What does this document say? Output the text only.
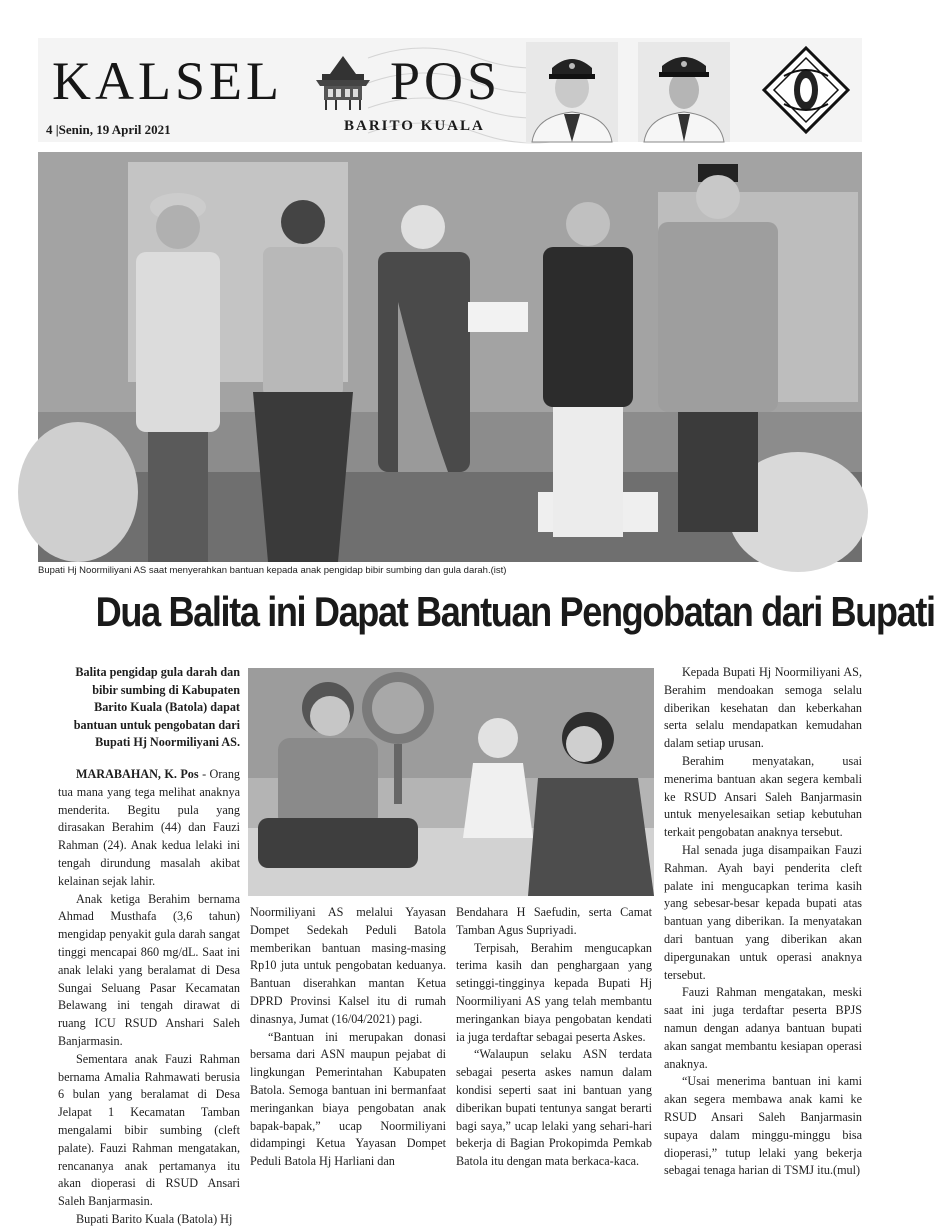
KALSEL POS
BARITO KUALA
4 |Senin, 19 April 2021
Bupati Hj Noormiliyani AS saat menyerahkan bantuan kepada anak pengidap bibir sumbing dan gula darah.(ist)
Dua Balita ini Dapat Bantuan Pengobatan dari Bupati

Balita pengidap gula darah dan bibir sumbing di Kabupaten Barito Kuala (Batola) dapat bantuan untuk pengobatan dari Bupati Hj Noormiliyani AS.

MARABAHAN, K. Pos - Orang tua mana yang tega melihat anaknya menderita. Begitu pula yang dirasakan Berahim (44) dan Fauzi Rahman (24). Anak kedua lelaki ini tengah dirundung masalah akibat kelainan sejak lahir.

Anak ketiga Berahim bernama Ahmad Musthafa (3,6 tahun) mengidap penyakit gula darah sangat tinggi mencapai 860 mg/dL. Saat ini anak lelaki yang beralamat di Desa Sungai Seluang Pasar Kecamatan Belawang ini tengah dirawat di ruang ICU RSUD Anshari Saleh Banjarmasin.

Sementara anak Fauzi Rahman bernama Amalia Rahmawati berusia 6 bulan yang beralamat di Desa Jelapat 1 Kecamatan Tamban mengalami bibir sumbing (cleft palate). Fauzi Rahman mengatakan, rencananya anak pertamanya itu akan dioperasi di RSUD Ansari Saleh Banjarmasin.

Bupati Barito Kuala (Batola) Hj

Noormiliyani AS melalui Yayasan Dompet Sedekah Peduli Batola memberikan bantuan masing-masing Rp10 juta untuk pengobatan keduanya. Bantuan diserahkan mantan Ketua DPRD Provinsi Kalsel itu di rumah dinasnya, Jumat (16/04/2021) pagi.

“Bantuan ini merupakan donasi bersama dari ASN maupun pejabat di lingkungan Pemerintahan Kabupaten Batola. Semoga bantuan ini bermanfaat meringankan biaya pengobatan anak bapak-bapak,” ucap Noormiliyani didampingi Ketua Yayasan Dompet Peduli Batola Hj Harliani dan

Bendahara H Saefudin, serta Camat Tamban Agus Supriyadi.

Terpisah, Berahim mengucapkan terima kasih dan penghargaan yang setinggi-tingginya kepada Bupati Hj Noormiliyani AS yang telah membantu meringankan biaya pengobatan kendati ia juga terdaftar sebagai peserta Askes.

“Walaupun selaku ASN terdata sebagai peserta askes namun dalam kondisi seperti saat ini bantuan yang diberikan bupati tentunya sangat berarti bagi saya,” ucap lelaki yang sehari-hari bekerja di Bagian Prokopimda Pemkab Batola itu dengan mata berkaca-kaca.

Kepada Bupati Hj Noormiliyani AS, Berahim mendoakan semoga selalu diberikan kesehatan dan keberkahan serta selalu mendapatkan kemudahan dalam setiap urusan.

Berahim menyatakan, usai menerima bantuan akan segera kembali ke RSUD Ansari Saleh Banjarmasin untuk menyelesaikan setiap kebutuhan terkait pengobatan anaknya tersebut.

Hal senada juga disampaikan Fauzi Rahman. Ayah bayi penderita cleft palate ini mengucapkan terima kasih yang sebesar-besar kepada bupati atas bantuan yang diberikan. Ia menyatakan dari bantuan yang diberikan akan dipergunakan untuk operasi anaknya tersebut.

Fauzi Rahman mengatakan, meski saat ini juga terdaftar peserta BPJS namun dengan adanya bantuan bupati akan sangat membantu kesiapan operasi anaknya.

“Usai menerima bantuan ini kami akan segera membawa anak kami ke RSUD Ansari Saleh Banjarmasin supaya dalam minggu-minggu bisa dioperasi,” tutup lelaki yang bekerja sebagai tenaga harian di TSMJ itu.(mul)
